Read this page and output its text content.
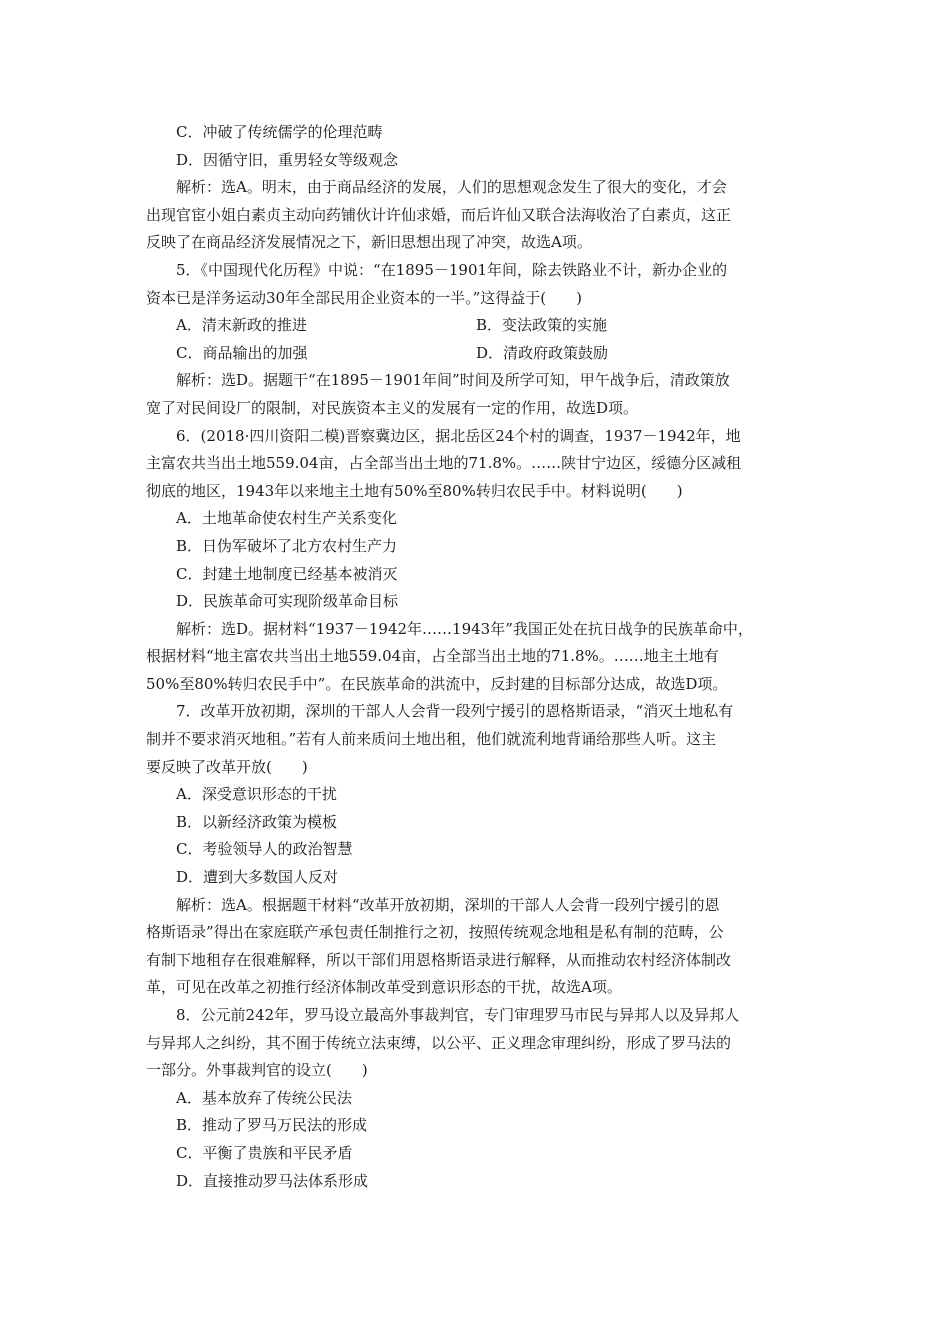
C．冲破了传统儒学的伦理范畴
D．因循守旧，重男轻女等级观念
解析：选A。明末，由于商品经济的发展，人们的思想观念发生了很大的变化，才会
出现官宦小姐白素贞主动向药铺伙计许仙求婚，而后许仙又联合法海收治了白素贞，这正
反映了在商品经济发展情况之下，新旧思想出现了冲突，故选A项。
5．《中国现代化历程》中说：“在1895－1901年间，除去铁路业不计，新办企业的
资本已是洋务运动30年全部民用企业资本的一半。”这得益于(　　)
A．清末新政的推进	B．变法政策的实施
C．商品输出的加强	D．清政府政策鼓励
解析：选D。据题干“在1895－1901年间”时间及所学可知，甲午战争后，清政策放
宽了对民间设厂的限制，对民族资本主义的发展有一定的作用，故选D项。
6．(2018·四川资阳二模)晋察冀边区，据北岳区24个村的调查，1937－1942年，地
主富农共当出土地559.04亩，占全部当出土地的71.8%。……陕甘宁边区，绥德分区减租
彻底的地区，1943年以来地主土地有50%至80%转归农民手中。材料说明(　　)
A．土地革命使农村生产关系变化
B．日伪军破坏了北方农村生产力
C．封建土地制度已经基本被消灭
D．民族革命可实现阶级革命目标
解析：选D。据材料“1937－1942年……1943年”我国正处在抗日战争的民族革命中，
根据材料“地主富农共当出土地559.04亩，占全部当出土地的71.8%。……地主土地有
50%至80%转归农民手中”。在民族革命的洪流中，反封建的目标部分达成，故选D项。
7．改革开放初期，深圳的干部人人会背一段列宁援引的恩格斯语录，“消灭土地私有
制并不要求消灭地租。”若有人前来质问土地出租，他们就流利地背诵给那些人听。这主
要反映了改革开放(　　)
A．深受意识形态的干扰
B．以新经济政策为模板
C．考验领导人的政治智慧
D．遭到大多数国人反对
解析：选A。根据题干材料“改革开放初期，深圳的干部人人会背一段列宁援引的恩
格斯语录”得出在家庭联产承包责任制推行之初，按照传统观念地租是私有制的范畴，公
有制下地租存在很难解释，所以干部们用恩格斯语录进行解释，从而推动农村经济体制改
革，可见在改革之初推行经济体制改革受到意识形态的干扰，故选A项。
8．公元前242年，罗马设立最高外事裁判官，专门审理罗马市民与异邦人以及异邦人
与异邦人之纠纷，其不囿于传统立法束缚，以公平、正义理念审理纠纷，形成了罗马法的
一部分。外事裁判官的设立(　　)
A．基本放弃了传统公民法
B．推动了罗马万民法的形成
C．平衡了贵族和平民矛盾
D．直接推动罗马法体系形成
